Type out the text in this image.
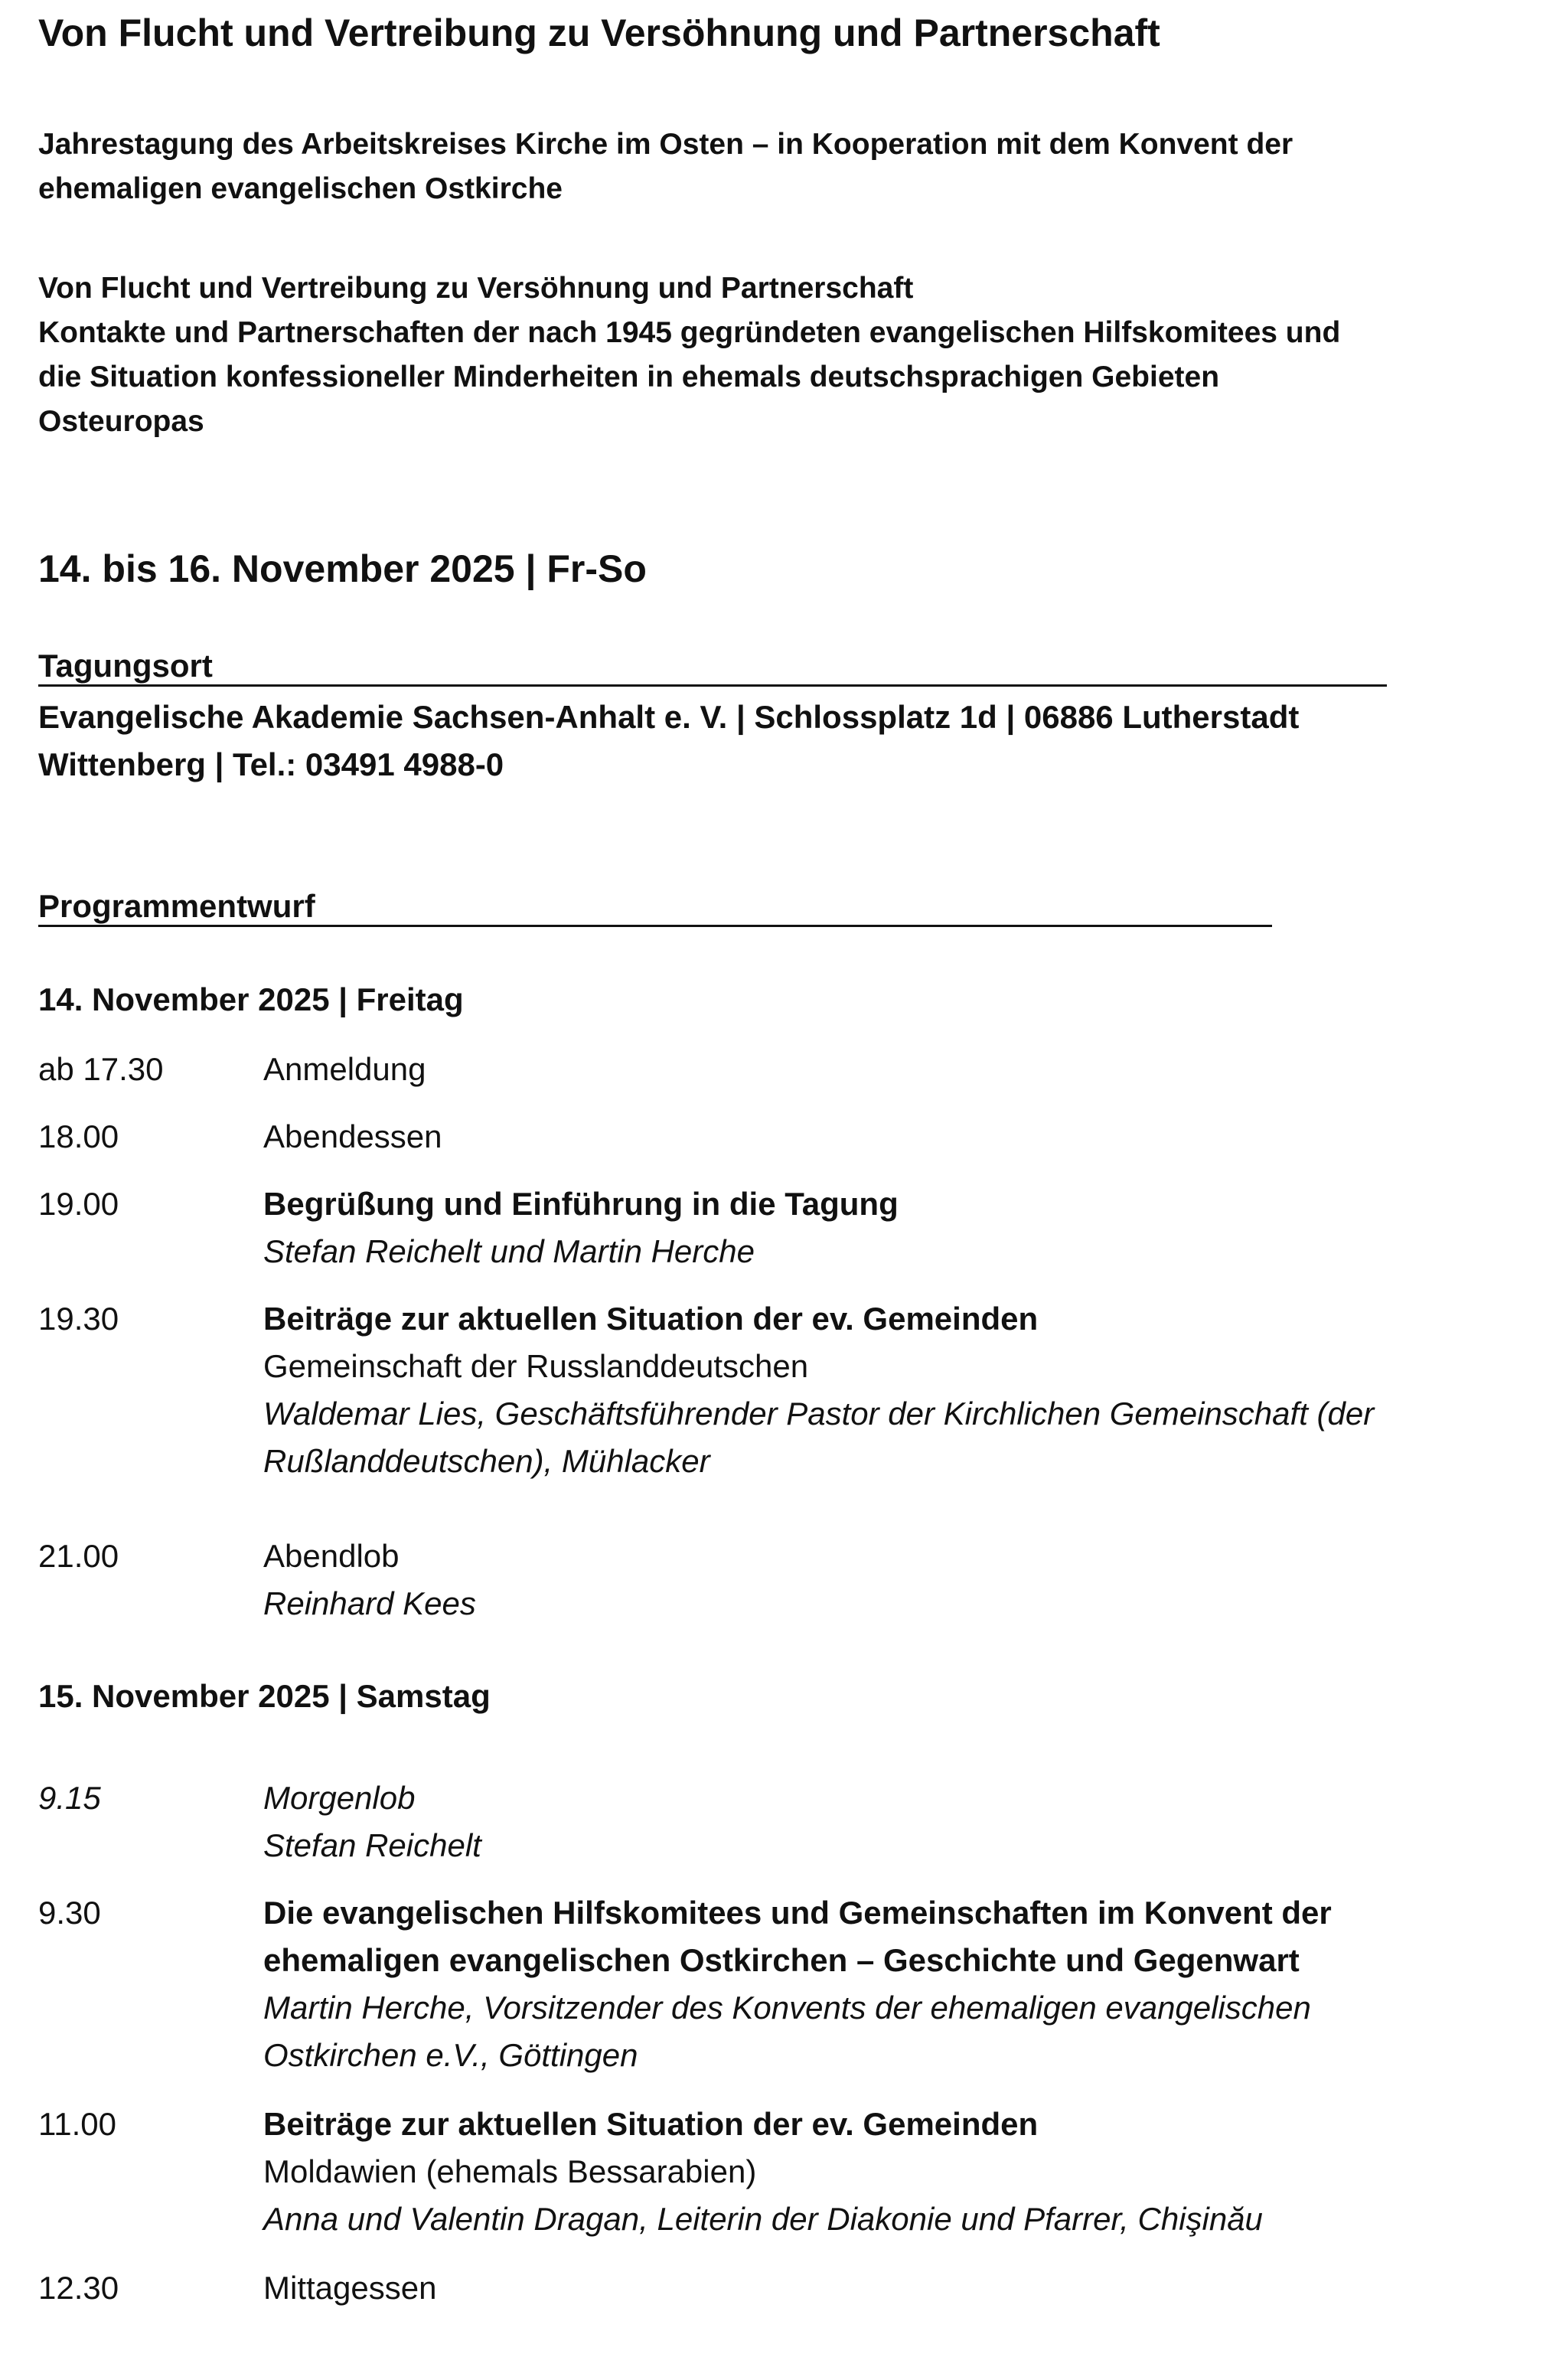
Von Flucht und Vertreibung zu Versöhnung und Partnerschaft
Jahrestagung des Arbeitskreises Kirche im Osten – in Kooperation mit dem Konvent der
ehemaligen evangelischen Ostkirche
Von Flucht und Vertreibung zu Versöhnung und Partnerschaft
Kontakte und Partnerschaften der nach 1945 gegründeten evangelischen Hilfskomitees und
die Situation konfessioneller Minderheiten in ehemals deutschsprachigen Gebieten
Osteuropas
14. bis 16. November 2025 | Fr-So
Tagungsort
Evangelische Akademie Sachsen-Anhalt e. V. | Schlossplatz 1d | 06886 Lutherstadt
Wittenberg | Tel.: 03491 4988-0
Programmentwurf
14. November 2025 | Freitag
ab 17.30	Anmeldung
18.00	Abendessen
19.00	Begrüßung und Einführung in die Tagung
Stefan Reichelt und Martin Herche
19.30	Beiträge zur aktuellen Situation der ev. Gemeinden
Gemeinschaft der Russlanddeutschen
Waldemar Lies, Geschäftsführender Pastor der Kirchlichen Gemeinschaft (der
Rußlanddeutschen), Mühlacker
21.00	Abendlob
Reinhard Kees
15. November 2025 | Samstag
9.15	Morgenlob
Stefan Reichelt
9.30	Die evangelischen Hilfskomitees und Gemeinschaften im Konvent der
ehemaligen evangelischen Ostkirchen – Geschichte und Gegenwart
Martin Herche, Vorsitzender des Konvents der ehemaligen evangelischen
Ostkirchen e.V., Göttingen
11.00	Beiträge zur aktuellen Situation der ev. Gemeinden
Moldawien (ehemals Bessarabien)
Anna und Valentin Dragan, Leiterin der Diakonie und Pfarrer, Chişinău
12.30	Mittagessen
